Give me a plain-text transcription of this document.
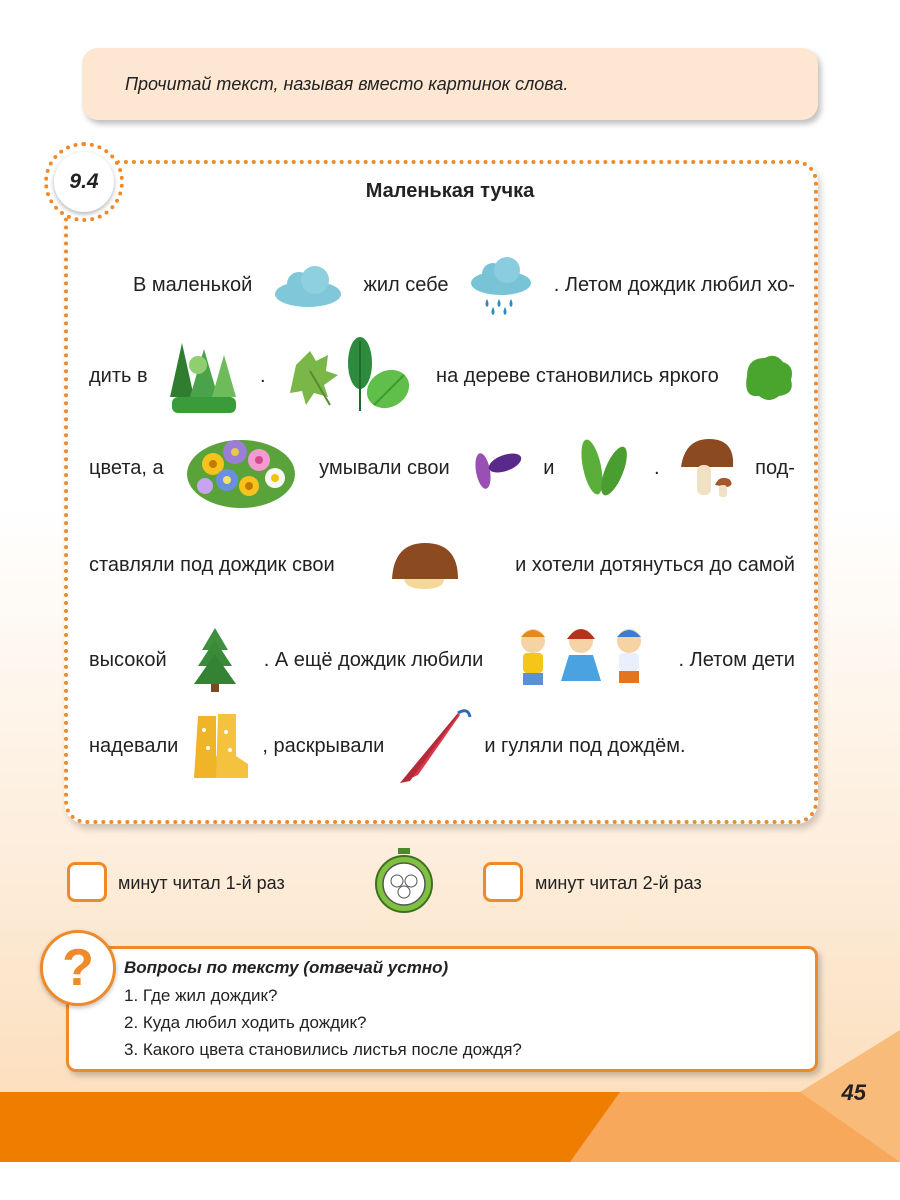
Прочитай текст, называя вместо картинок слова.
9.4	Маленькая тучка
В маленькой	жил себе	. Летом дождик любил хо-
дить в	.	на дереве становились яркого
цвета, а	умывали свои	и	.	под-
ставляли под дождик свои	и хотели дотянуться до самой
высокой	. А ещё дождик любили	. Летом дети
надевали	, раскрывали	и гуляли под дождём.
минут читал 1-й раз	минут читал 2-й раз
?	Вопросы по тексту (отвечай устно)
1. Где жил дождик?
2. Куда любил ходить дождик?
3. Какого цвета становились листья после дождя?
45
